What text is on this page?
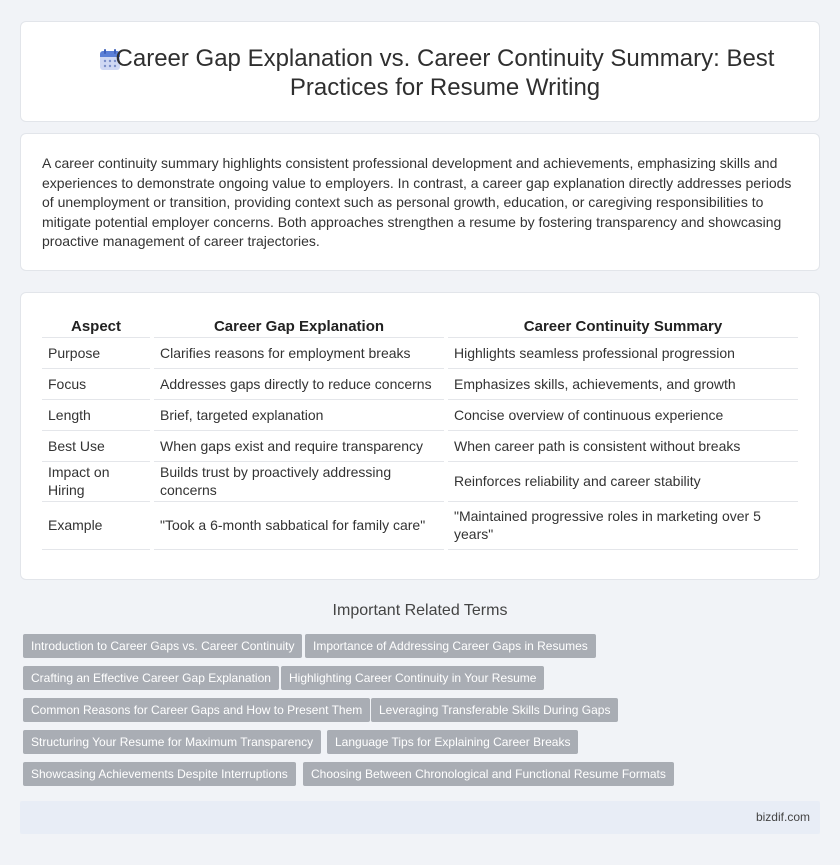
Career Gap Explanation vs. Career Continuity Summary: Best Practices for Resume Writing

A career continuity summary highlights consistent professional development and achievements, emphasizing skills and experiences to demonstrate ongoing value to employers. In contrast, a career gap explanation directly addresses periods of unemployment or transition, providing context such as personal growth, education, or caregiving responsibilities to mitigate potential employer concerns. Both approaches strengthen a resume by fostering transparency and showcasing proactive management of career trajectories.

Aspect	Career Gap Explanation	Career Continuity Summary
Purpose	Clarifies reasons for employment breaks	Highlights seamless professional progression
Focus	Addresses gaps directly to reduce concerns	Emphasizes skills, achievements, and growth
Length	Brief, targeted explanation	Concise overview of continuous experience
Best Use	When gaps exist and require transparency	When career path is consistent without breaks
Impact on Hiring	Builds trust by proactively addressing concerns	Reinforces reliability and career stability
Example	"Took a 6-month sabbatical for family care"	"Maintained progressive roles in marketing over 5 years"
Important Related Terms
Introduction to Career Gaps vs. Career Continuity	Importance of Addressing Career Gaps in Resumes
Crafting an Effective Career Gap Explanation	Highlighting Career Continuity in Your Resume
Common Reasons for Career Gaps and How to Present Them	Leveraging Transferable Skills During Gaps
Structuring Your Resume for Maximum Transparency	Language Tips for Explaining Career Breaks
Showcasing Achievements Despite Interruptions	Choosing Between Chronological and Functional Resume Formats
bizdif.com
